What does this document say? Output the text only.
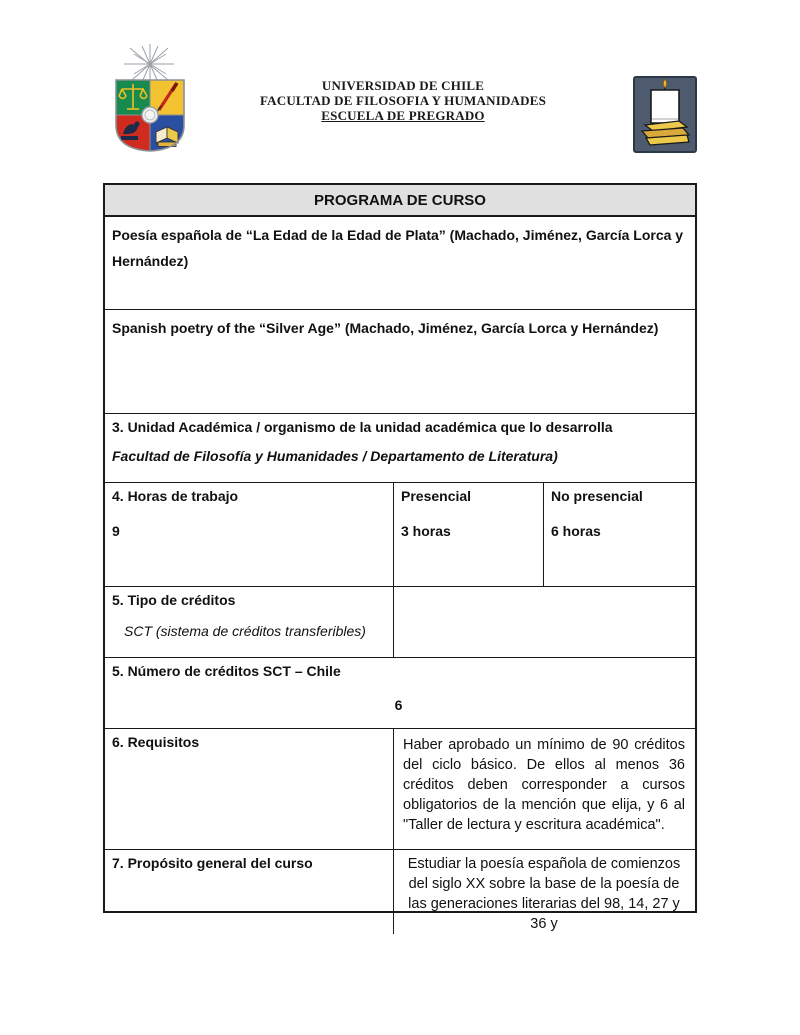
UNIVERSIDAD DE CHILE
FACULTAD DE FILOSOFIA Y HUMANIDADES
ESCUELA DE PREGRADO
PROGRAMA DE CURSO
Poesía española de “La Edad de la Edad de Plata” (Machado, Jiménez, García Lorca y Hernández)
Spanish poetry of the “Silver Age” (Machado, Jiménez, García Lorca y Hernández)
3. Unidad Académica / organismo de la unidad académica que lo desarrolla
Facultad de Filosofía y Humanidades / Departamento de Literatura)
4. Horas de trabajo
9
Presencial
3 horas
No presencial
6 horas
5. Tipo de créditos
SCT (sistema de créditos transferibles)
5. Número de créditos SCT – Chile
6
6. Requisitos	Haber aprobado un mínimo de 90 créditos del ciclo básico. De ellos al menos 36 créditos deben corresponder a cursos obligatorios de la mención que elija, y 6 al "Taller de lectura y escritura académica".
7. Propósito general del curso	Estudiar la poesía española de comienzos del siglo XX sobre la base de la poesía de las generaciones literarias del 98, 14, 27 y 36 y
